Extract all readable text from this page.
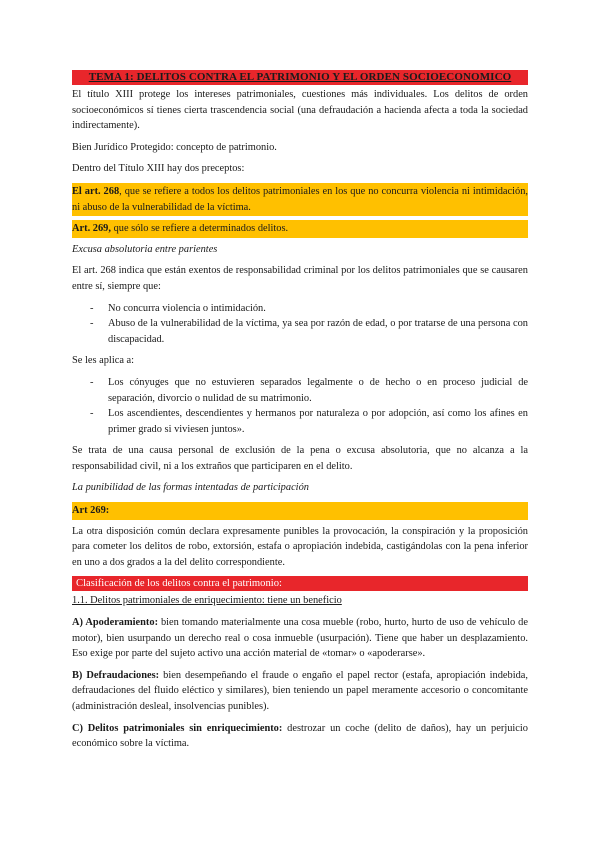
TEMA 1: DELITOS CONTRA EL PATRIMONIO Y EL ORDEN SOCIOECONOMICO

El título XIII protege los intereses patrimoniales, cuestiones más individuales. Los delitos de orden socioeconómicos sí tienes cierta trascendencia social (una defraudación a hacienda afecta a toda la sociedad indirectamente).

Bien Jurídico Protegido: concepto de patrimonio.

Dentro del Título XIII hay dos preceptos:

El art. 268, que se refiere a todos los delitos patrimoniales en los que no concurra violencia ni intimidación, ni abuso de la vulnerabilidad de la víctima.

Art. 269, que sólo se refiere a determinados delitos.

Excusa absolutoria entre parientes

El art. 268 indica que están exentos de responsabilidad criminal por los delitos patrimoniales que se causaren entre sí, siempre que:

- No concurra violencia o intimidación.
- Abuso de la vulnerabilidad de la víctima, ya sea por razón de edad, o por tratarse de una persona con discapacidad.

Se les aplica a:

- Los cónyuges que no estuvieren separados legalmente o de hecho o en proceso judicial de separación, divorcio o nulidad de su matrimonio.
- Los ascendientes, descendientes y hermanos por naturaleza o por adopción, así como los afines en primer grado si viviesen juntos».

Se trata de una causa personal de exclusión de la pena o excusa absolutoria, que no alcanza a la responsabilidad civil, ni a los extraños que participaren en el delito.

La punibilidad de las formas intentadas de participación

Art 269:

La otra disposición común declara expresamente punibles la provocación, la conspiración y la proposición para cometer los delitos de robo, extorsión, estafa o apropiación indebida, castigándolas con la pena inferior en uno a dos grados a la del delito correspondiente.

Clasificación de los delitos contra el patrimonio:

1.1. Delitos patrimoniales de enriquecimiento: tiene un beneficio

A) Apoderamiento: bien tomando materialmente una cosa mueble (robo, hurto, hurto de uso de vehículo de motor), bien usurpando un derecho real o cosa inmueble (usurpación). Tiene que haber un desplazamiento. Eso exige por parte del sujeto activo una acción material de «tomar» o «apoderarse».

B) Defraudaciones: bien desempeñando el fraude o engaño el papel rector (estafa, apropiación indebida, defraudaciones del fluido eléctico y similares), bien teniendo un papel meramente accesorio o concomitante (administración desleal, insolvencias punibles).

C) Delitos patrimoniales sin enriquecimiento: destrozar un coche (delito de daños), hay un perjuicio económico sobre la víctima.
